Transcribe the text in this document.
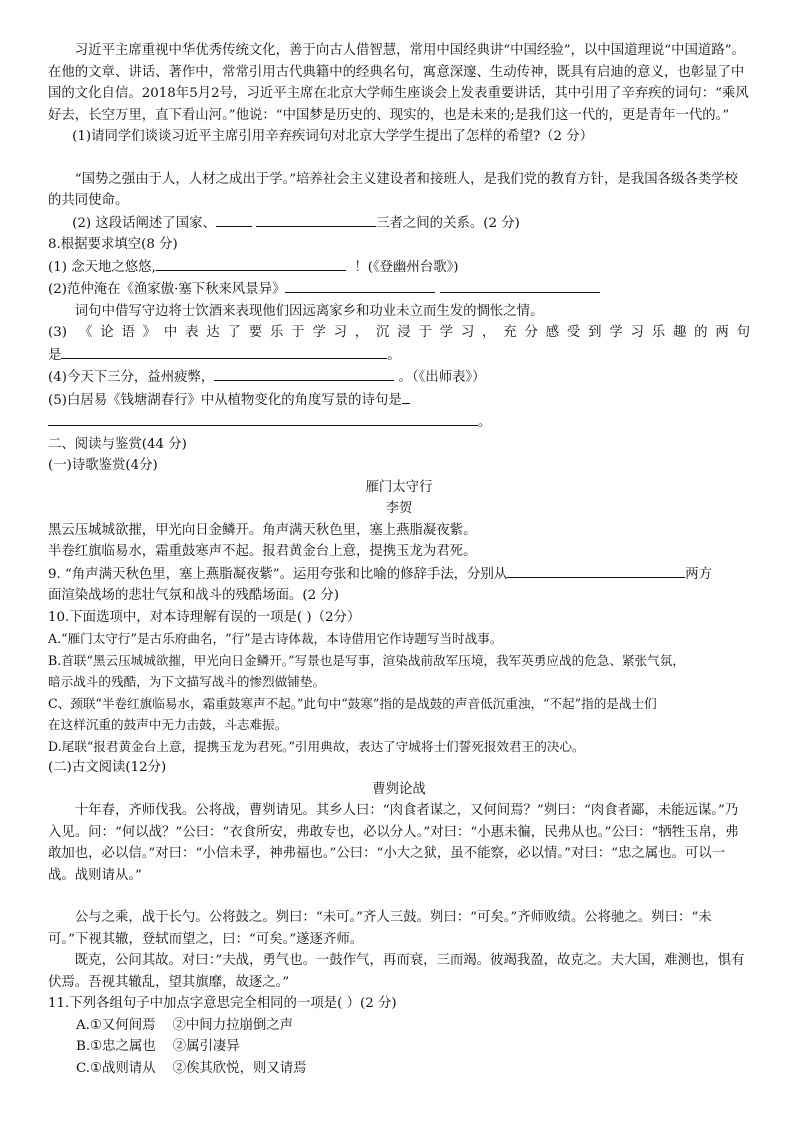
习近平主席重视中华优秀传统文化，善于向古人借智慧，常用中国经典讲“中国经验”，以中国道理说“中国道路”。在他的文章、讲话、著作中，常常引用古代典籍中的经典名句，寓意深邃、生动传神，既具有启迪的意义，也彰显了中国的文化自信。2018年5月2号，习近平主席在北京大学师生座谈会上发表重要讲话，其中引用了辛弃疾的词句：“乘风好去，长空万里，直下看山河。”他说：“中国梦是历史的、现实的，也是未来的;是我们这一代的，更是青年一代的。”

(1)请同学们谈谈习近平主席引用辛弃疾词句对北京大学学生提出了怎样的希望?（2 分）

“国势之强由于人，人材之成出于学。”培养社会主义建设者和接班人，是我们党的教育方针，是我国各级各类学校的共同使命。

(2) 这段话阐述了国家、	三者之间的关系。(2 分)

8.根据要求填空(8 分)

(1) 念天地之悠悠,	！(《登幽州台歌》)

(2)范仲淹在《渔家傲·塞下秋来风景异》

词句中借写守边将士饮酒来表现他们因远离家乡和功业未立而生发的惆怅之情。

(3) 《论语》中表达了要乐于学习，沉浸于学习，充分感受到学习乐趣的两句

是	。

(4)今天下三分，益州疲弊，	。（《出师表》）

(5)白居易《钱塘湖春行》中从植物变化的角度写景的诗句是

。

二、阅读与鉴赏(44 分)

(一)诗歌鉴赏(4分)

雁门太守行

李贺

黑云压城城欲摧，甲光向日金鳞开。角声满天秋色里，塞上燕脂凝夜紫。

半卷红旗临易水，霜重鼓寒声不起。报君黄金台上意，提携玉龙为君死。

9. “角声满天秋色里，塞上燕脂凝夜紫”。运用夸张和比喻的修辞手法，分别从	两方

面渲染战场的悲壮气氛和战斗的残酷场面。(2 分)

10.下面选项中，对本诗理解有误的一项是( )（2分）

A.“雁门太守行”是古乐府曲名，“行”是古诗体裁，本诗借用它作诗题写当时战事。

B.首联“黑云压城城欲摧，甲光向日金鳞开。”写景也是写事，渲染战前敌军压境，我军英勇应战的危急、紧张气氛，

暗示战斗的残酷，为下文描写战斗的惨烈做铺垫。

C、颈联“半卷红旗临易水，霜重鼓寒声不起。”此句中“鼓寒”指的是战鼓的声音低沉重浊，“不起”指的是战士们

在这样沉重的鼓声中无力击鼓，斗志难振。

D.尾联“报君黄金台上意，提携玉龙为君死。”引用典故，表达了守城将士们誓死报效君王的决心。

(二)古文阅读(12分)

曹刿论战

十年春，齐师伐我。公将战，曹刿请见。其乡人曰：“肉食者谋之，又何间焉？”刿曰：“肉食者鄙，未能远谋。”乃入见。问：“何以战？”公曰：“衣食所安，弗敢专也，必以分人。”对曰：“小惠未徧，民弗从也。”公曰：“牺牲玉帛，弗敢加也，必以信。”对曰：“小信未孚，神弗福也。”公曰：“小大之狱，虽不能察，必以情。”对曰：“忠之属也。可以一战。战则请从。”

公与之乘，战于长勺。公将鼓之。刿曰：“未可。”齐人三鼓。刿曰：“可矣。”齐师败绩。公将驰之。刿曰：“未可。”下视其辙，登轼而望之，曰：“可矣。”遂逐齐师。

既克，公问其故。对曰：”夫战，勇气也。一鼓作气，再而衰，三而竭。彼竭我盈，故克之。夫大国，难测也，惧有伏焉。吾视其辙乱，望其旗靡，故逐之。”

11.下列各组句子中加点字意思完全相同的一项是( ）(2 分)

A.①又何间焉    ②中间力拉崩倒之声

B.①忠之属也    ②属引凄异

C.①战则请从    ②俟其欣悦，则又请焉
